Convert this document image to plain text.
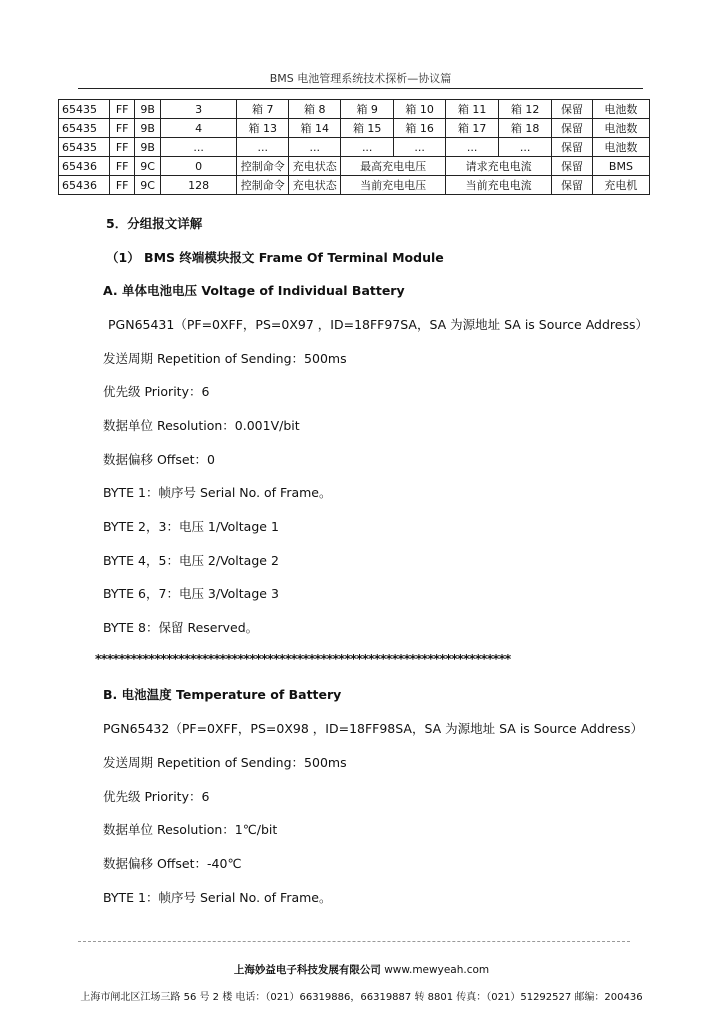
BMS 电池管理系统技术探析—协议篇
65435	FF	9B	3	箱 7	箱 8	箱 9	箱 10	箱 11	箱 12	保留	电池数
65435	FF	9B	4	箱 13	箱 14	箱 15	箱 16	箱 17	箱 18	保留	电池数
65435	FF	9B	...	...	...	...	...	...	...	保留	电池数
65436	FF	9C	0	控制命令	充电状态	最高充电电压		请求充电电流		保留	BMS
65436	FF	9C	128	控制命令	充电状态	当前充电电压		当前充电电流		保留	充电机
5．分组报文详解
（1） BMS 终端模块报文 Frame Of Terminal Module
A. 单体电池电压 Voltage of Individual Battery
PGN65431（PF=0XFF，PS=0X97 ，ID=18FF97SA，SA 为源地址 SA is Source Address）
发送周期 Repetition of Sending：500ms
优先级 Priority：6
数据单位 Resolution：0.001V/bit
数据偏移 Offset：0
BYTE 1：帧序号 Serial No. of Frame。
BYTE 2，3：电压 1/Voltage 1
BYTE 4，5：电压 2/Voltage 2
BYTE 6，7：电压 3/Voltage 3
BYTE 8：保留 Reserved。
**********************************************************************
B. 电池温度 Temperature of Battery
PGN65432（PF=0XFF，PS=0X98 ，ID=18FF98SA，SA 为源地址 SA is Source Address）
发送周期 Repetition of Sending：500ms
优先级 Priority：6
数据单位 Resolution：1℃/bit
数据偏移 Offset：-40℃
BYTE 1：帧序号 Serial No. of Frame。
上海妙益电子科技发展有限公司 www.mewyeah.com
上海市闸北区江场三路 56 号 2 楼 电话：（021）66319886，66319887 转 8801 传真：（021）51292527 邮编：200436
